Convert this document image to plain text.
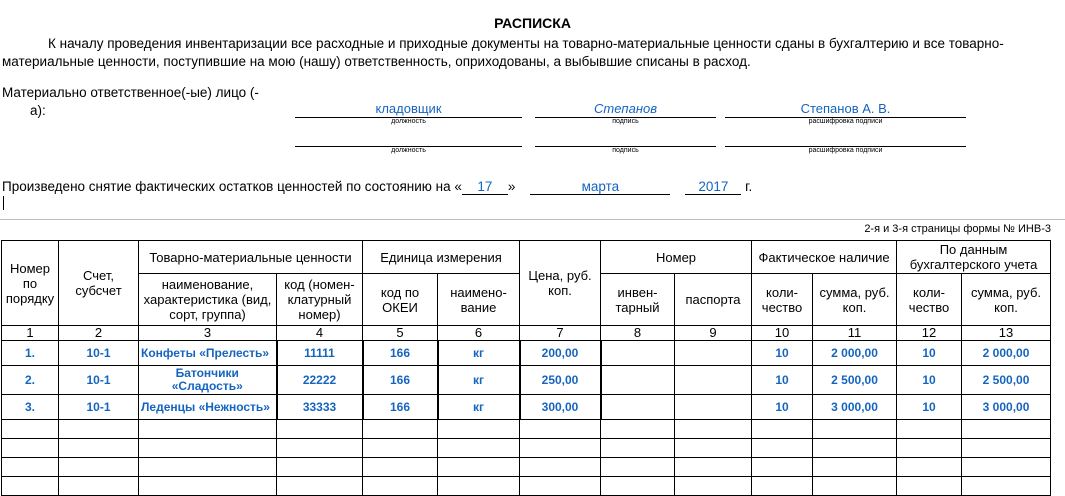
РАСПИСКА
К началу проведения инвентаризации все расходные и приходные документы на товарно-материальные ценности сданы в бухгалтерию и все товарно-материальные ценности, поступившие на мою (нашу) ответственность, оприходованы, а выбывшие списаны в расход.
Материально ответственное(-ые) лицо (-
а):	кладовщик
должность
Степанов
подпись
Степанов А. В.
расшифровка подписи
должность	подпись	расшифровка подписи
Произведено снятие фактических остатков ценностей по состоянию на « 17 »	марта	2017 г.
2-я и 3-я страницы формы № ИНВ-3
Номер по порядку	Счет, субсчет	Товарно-материальные ценности		Единица измерения		Цена, руб. коп.	Номер		Фактическое наличие		По данным бухгалтерского учета	
		наименование, характеристика (вид, сорт, группа)	код (номен-клатурный номер)	код по ОКЕИ	наимено-вание		инвен-тарный	паспорта	коли-чество	сумма, руб. коп.	коли-чество	сумма, руб. коп.
1	2	3	4	5	6	7	8	9	10	11	12	13
1.	10-1	Конфеты «Прелесть»	11111	166	кг	200,00			10	2 000,00	10	2 000,00
2.	10-1	Батончики «Сладость»	22222	166	кг	250,00			10	2 500,00	10	2 500,00
3.	10-1	Леденцы «Нежность»	33333	166	кг	300,00			10	3 000,00	10	3 000,00
